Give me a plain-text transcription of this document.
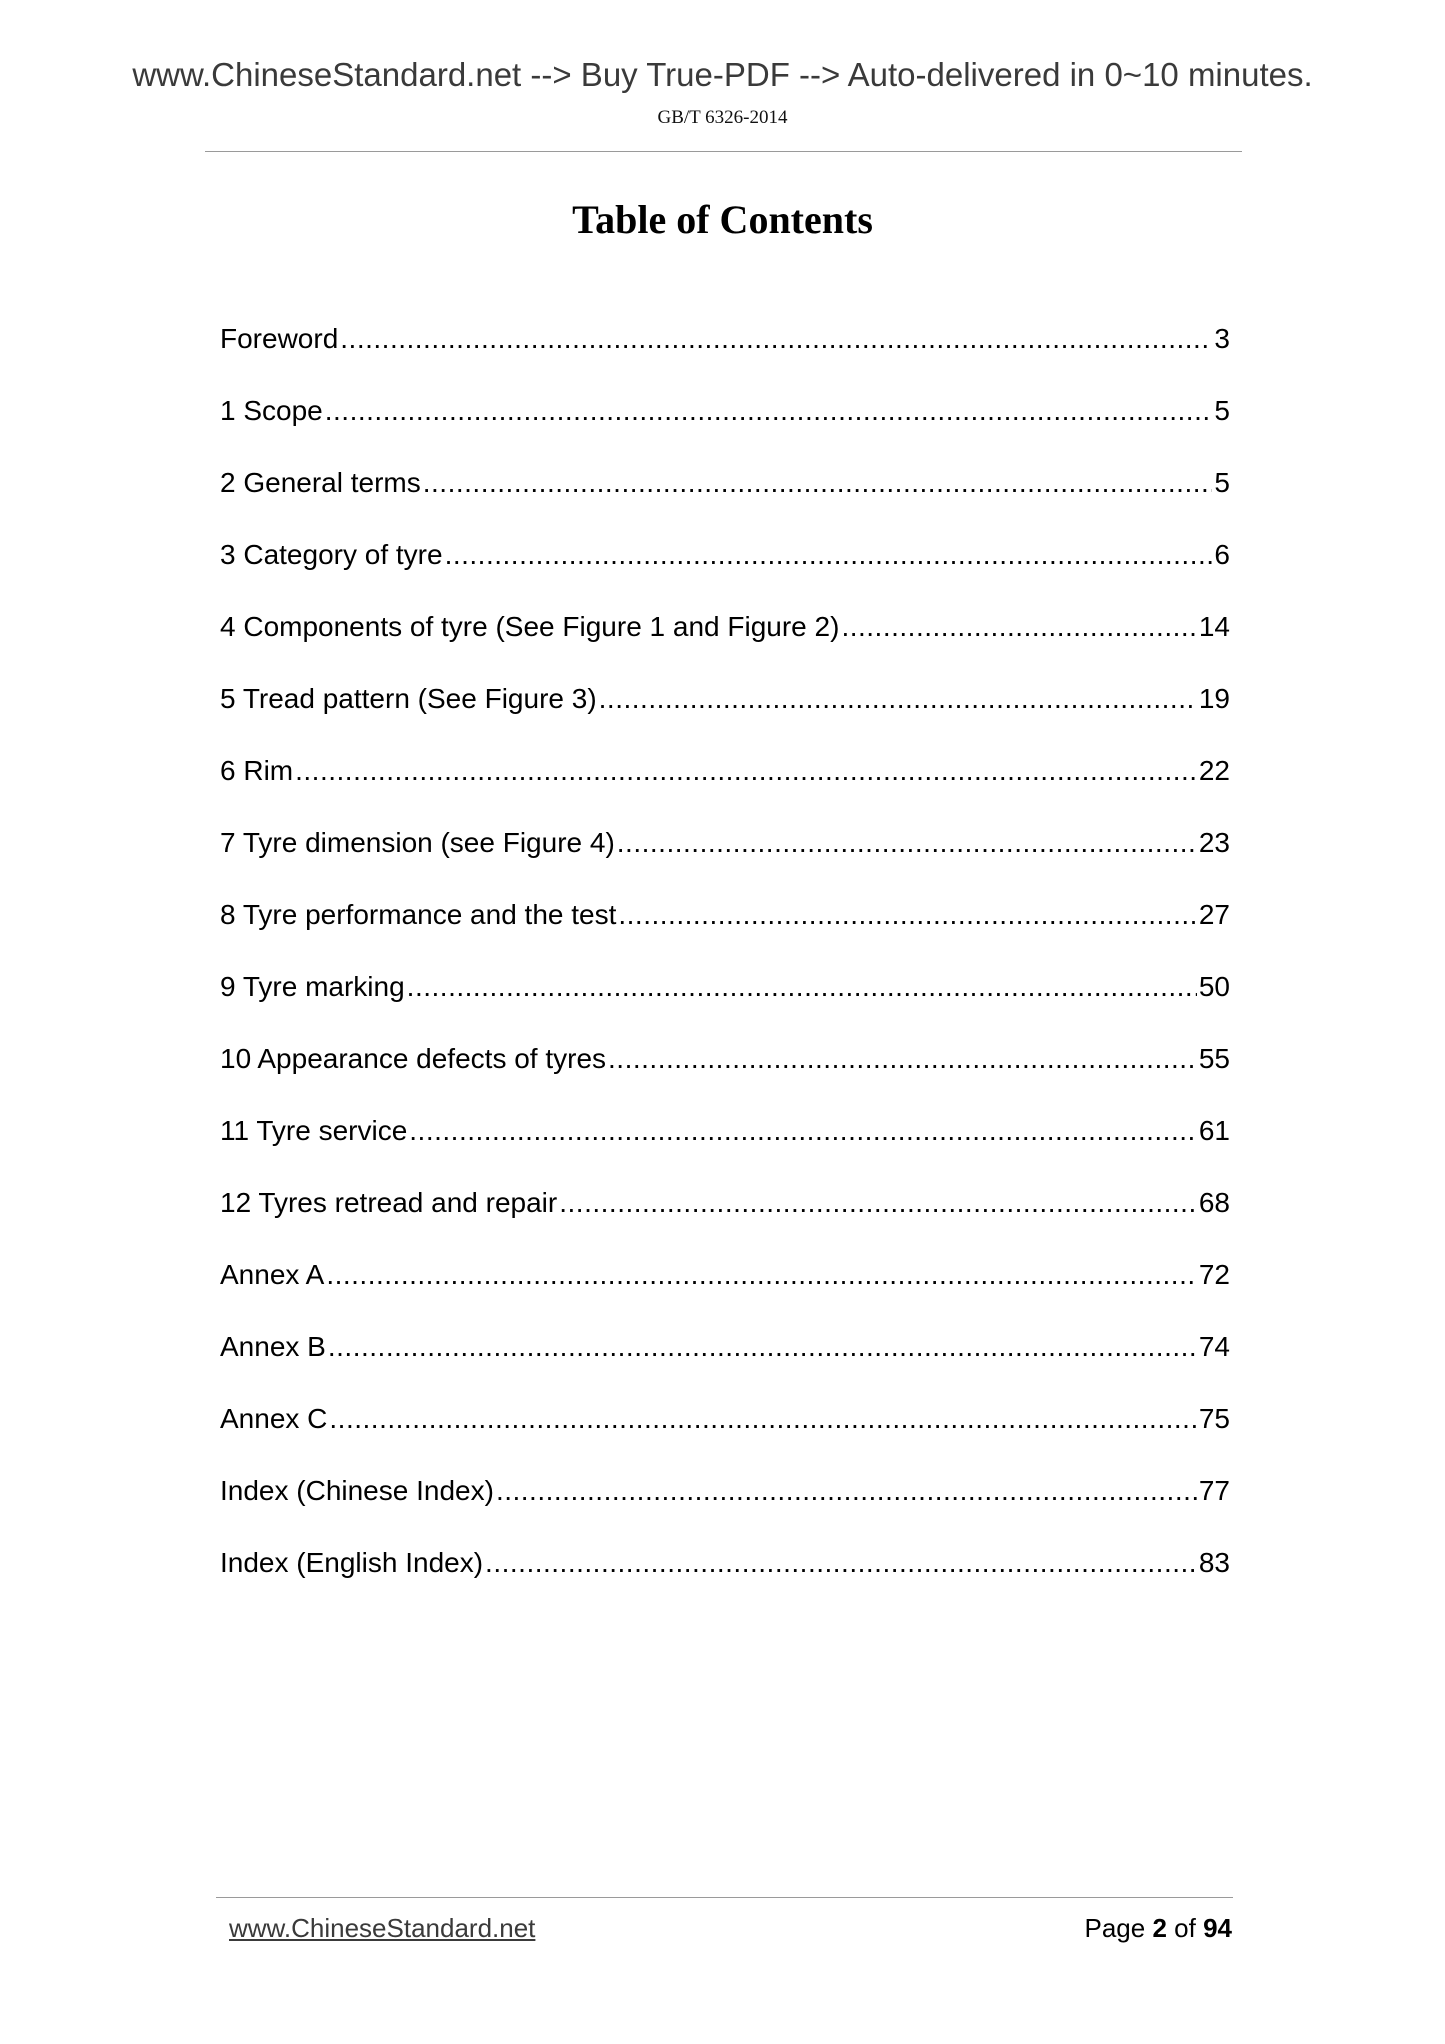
www.ChineseStandard.net --> Buy True-PDF --> Auto-delivered in 0~10 minutes.
GB/T 6326-2014
Table of Contents
Foreword .....	3
1 Scope .....	5
2 General terms .....	5
3 Category of tyre .....	6
4 Components of tyre (See Figure 1 and Figure 2) .....	14
5 Tread pattern (See Figure 3) .....	19
6 Rim .....	22
7 Tyre dimension (see Figure 4) .....	23
8 Tyre performance and the test .....	27
9 Tyre marking .....	50
10 Appearance defects of tyres .....	55
11 Tyre service .....	61
12 Tyres retread and repair .....	68
Annex A .....	72
Annex B .....	74
Annex C .....	75
Index (Chinese Index) .....	77
Index (English Index) .....	83
www.ChineseStandard.net	Page 2 of 94
